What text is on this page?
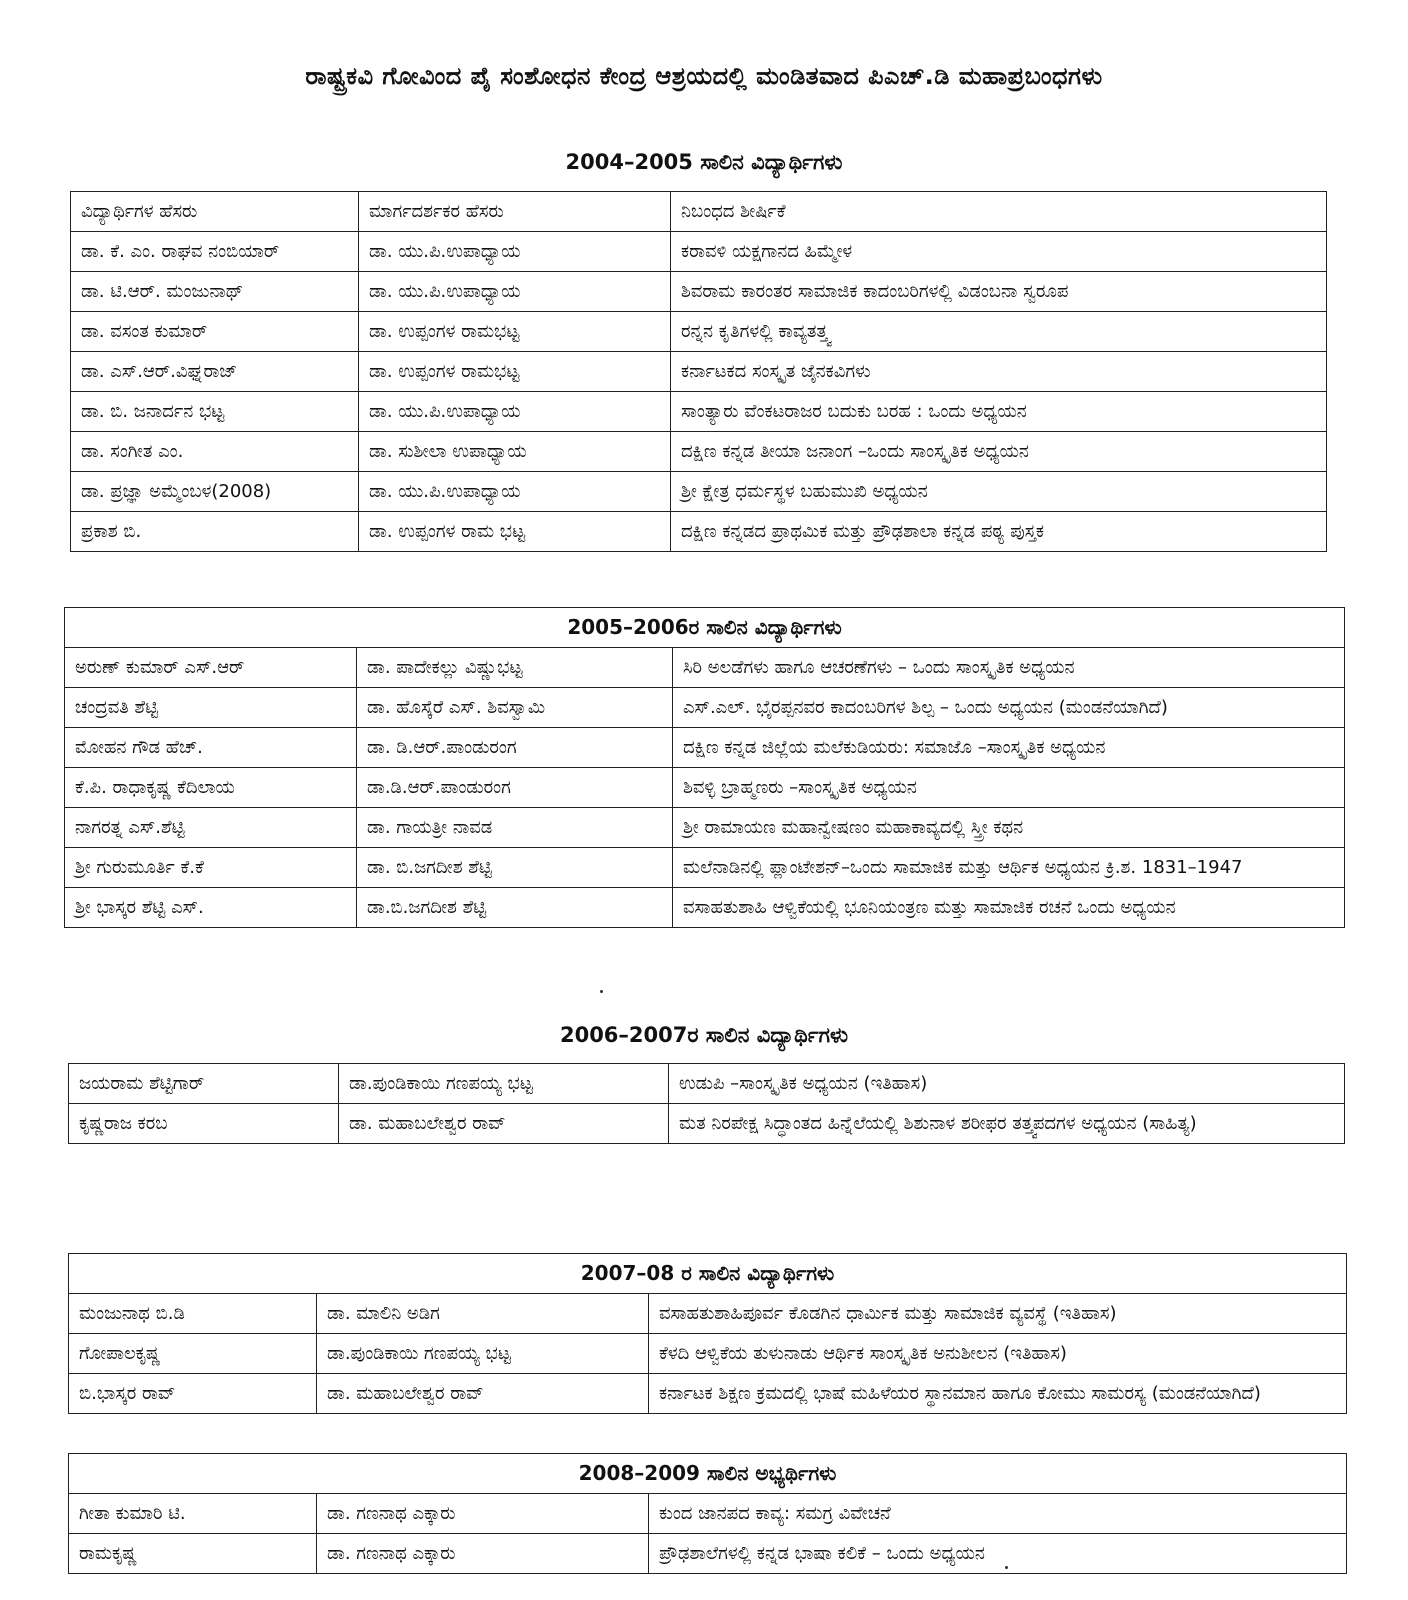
ರಾಷ್ಟ್ರಕವಿ ಗೋವಿಂದ ಪೈ ಸಂಶೋಧನ ಕೇಂದ್ರ ಆಶ್ರಯದಲ್ಲಿ ಮಂಡಿತವಾದ ಪಿಎಚ್.ಡಿ ಮಹಾಪ್ರಬಂಧಗಳು
2004–2005 ಸಾಲಿನ ವಿದ್ಯಾರ್ಥಿಗಳು
ವಿದ್ಯಾರ್ಥಿಗಳ ಹೆಸರು	ಮಾರ್ಗದರ್ಶಕರ ಹೆಸರು	ನಿಬಂಧದ ಶೀರ್ಷಿಕೆ
ಡಾ. ಕೆ. ಎಂ. ರಾಘವ ನಂಬಿಯಾರ್	ಡಾ. ಯು.ಪಿ.ಉಪಾಧ್ಯಾಯ	ಕರಾವಳಿ ಯಕ್ಷಗಾನದ ಹಿಮ್ಮೇಳ
ಡಾ. ಟಿ.ಆರ್. ಮಂಜುನಾಥ್	ಡಾ. ಯು.ಪಿ.ಉಪಾಧ್ಯಾಯ	ಶಿವರಾಮ ಕಾರಂತರ ಸಾಮಾಜಿಕ ಕಾದಂಬರಿಗಳಲ್ಲಿ ವಿಡಂಬನಾ ಸ್ವರೂಪ
ಡಾ. ವಸಂತ ಕುಮಾರ್	ಡಾ. ಉಪ್ಪಂಗಳ ರಾಮಭಟ್ಟ	ರನ್ನನ ಕೃತಿಗಳಲ್ಲಿ ಕಾವ್ಯತತ್ತ್ವ
ಡಾ. ಎಸ್.ಆರ್.ವಿಘ್ನರಾಜ್	ಡಾ. ಉಪ್ಪಂಗಳ ರಾಮಭಟ್ಟ	ಕರ್ನಾಟಕದ ಸಂಸ್ಕೃತ ಜೈನಕವಿಗಳು
ಡಾ. ಬಿ. ಜನಾರ್ದನ ಭಟ್ಟ	ಡಾ. ಯು.ಪಿ.ಉಪಾಧ್ಯಾಯ	ಸಾಂತ್ಯಾರು ವೆಂಕಟರಾಜರ ಬದುಕು ಬರಹ : ಒಂದು ಅಧ್ಯಯನ
ಡಾ. ಸಂಗೀತ ಎಂ.	ಡಾ. ಸುಶೀಲಾ ಉಪಾಧ್ಯಾಯ	ದಕ್ಷಿಣ ಕನ್ನಡ ತೀಯಾ ಜನಾಂಗ –ಒಂದು ಸಾಂಸ್ಕೃತಿಕ ಅಧ್ಯಯನ
ಡಾ. ಪ್ರಜ್ಞಾ ಅಮ್ಮೆಂಬಳ(2008)	ಡಾ. ಯು.ಪಿ.ಉಪಾಧ್ಯಾಯ	ಶ್ರೀ ಕ್ಷೇತ್ರ ಧರ್ಮಸ್ಥಳ ಬಹುಮುಖಿ ಅಧ್ಯಯನ
ಪ್ರಕಾಶ ಬಿ.	ಡಾ. ಉಪ್ಪಂಗಳ ರಾಮ ಭಟ್ಟ	ದಕ್ಷಿಣ ಕನ್ನಡದ ಪ್ರಾಥಮಿಕ ಮತ್ತು ಪ್ರೌಢಶಾಲಾ ಕನ್ನಡ ಪಠ್ಯ ಪುಸ್ತಕ
2005–2006ರ ಸಾಲಿನ ವಿದ್ಯಾರ್ಥಿಗಳು		
ಅರುಣ್ ಕುಮಾರ್ ಎಸ್.ಆರ್	ಡಾ. ಪಾದೇಕಲ್ಲು ವಿಷ್ಣುಭಟ್ಟ	ಸಿರಿ ಅಲಡೆಗಳು ಹಾಗೂ ಆಚರಣೆಗಳು – ಒಂದು ಸಾಂಸ್ಕೃತಿಕ ಅಧ್ಯಯನ
ಚಂದ್ರವತಿ ಶೆಟ್ಟಿ	ಡಾ. ಹೊಸ್ಕೆರೆ ಎಸ್. ಶಿವಸ್ವಾಮಿ	ಎಸ್.ಎಲ್. ಭೈರಪ್ಪನವರ ಕಾದಂಬರಿಗಳ ಶಿಲ್ಪ – ಒಂದು ಅಧ್ಯಯನ (ಮಂಡನೆಯಾಗಿದೆ)
ಮೋಹನ ಗೌಡ ಹೆಚ್.	ಡಾ. ಡಿ.ಆರ್.ಪಾಂಡುರಂಗ	ದಕ್ಷಿಣ ಕನ್ನಡ ಜಿಲ್ಲೆಯ ಮಲೆಕುಡಿಯರು: ಸಮಾಜೊ –ಸಾಂಸ್ಕೃತಿಕ ಅಧ್ಯಯನ
ಕೆ.ಪಿ. ರಾಧಾಕೃಷ್ಣ ಕೆದಿಲಾಯ	ಡಾ.ಡಿ.ಆರ್.ಪಾಂಡುರಂಗ	ಶಿವಳ್ಳಿ ಬ್ರಾಹ್ಮಣರು –ಸಾಂಸ್ಕೃತಿಕ ಅಧ್ಯಯನ
ನಾಗರತ್ನ ಎಸ್.ಶೆಟ್ಟಿ	ಡಾ. ಗಾಯತ್ರೀ ನಾವಡ	ಶ್ರೀ ರಾಮಾಯಣ ಮಹಾನ್ವೇಷಣಂ ಮಹಾಕಾವ್ಯದಲ್ಲಿ ಸ್ತ್ರೀ ಕಥನ
ಶ್ರೀ ಗುರುಮೂರ್ತಿ ಕೆ.ಕೆ	ಡಾ. ಬಿ.ಜಗದೀಶ ಶೆಟ್ಟಿ	ಮಲೆನಾಡಿನಲ್ಲಿ ಪ್ಲಾಂಟೇಶನ್–ಒಂದು ಸಾಮಾಜಿಕ ಮತ್ತು ಆರ್ಥಿಕ ಅಧ್ಯಯನ ಕ್ರಿ.ಶ. 1831–1947
ಶ್ರೀ ಭಾಸ್ಕರ ಶೆಟ್ಟಿ ಎಸ್.	ಡಾ.ಬಿ.ಜಗದೀಶ ಶೆಟ್ಟಿ	ವಸಾಹತುಶಾಹಿ ಆಳ್ವಿಕೆಯಲ್ಲಿ ಭೂನಿಯಂತ್ರಣ ಮತ್ತು ಸಾಮಾಜಿಕ ರಚನೆ ಒಂದು ಅಧ್ಯಯನ
2006–2007ರ ಸಾಲಿನ ವಿದ್ಯಾರ್ಥಿಗಳು
ಜಯರಾಮ ಶೆಟ್ಟಿಗಾರ್	ಡಾ.ಪುಂಡಿಕಾಯಿ ಗಣಪಯ್ಯ ಭಟ್ಟ	ಉಡುಪಿ –ಸಾಂಸ್ಕೃತಿಕ ಅಧ್ಯಯನ (ಇತಿಹಾಸ)
ಕೃಷ್ಣರಾಜ ಕರಬ	ಡಾ. ಮಹಾಬಲೇಶ್ವರ ರಾವ್	ಮತ ನಿರಪೇಕ್ಷ ಸಿದ್ಧಾಂತದ ಹಿನ್ನೆಲೆಯಲ್ಲಿ ಶಿಶುನಾಳ ಶರೀಫರ ತತ್ತ್ವಪದಗಳ ಅಧ್ಯಯನ (ಸಾಹಿತ್ಯ)
2007–08 ರ ಸಾಲಿನ ವಿದ್ಯಾರ್ಥಿಗಳು		
ಮಂಜುನಾಥ ಬಿ.ಡಿ	ಡಾ. ಮಾಲಿನಿ ಅಡಿಗ	ವಸಾಹತುಶಾಹಿಪೂರ್ವ ಕೊಡಗಿನ ಧಾರ್ಮಿಕ ಮತ್ತು ಸಾಮಾಜಿಕ ವ್ಯವಸ್ಥೆ (ಇತಿಹಾಸ)
ಗೋಪಾಲಕೃಷ್ಣ	ಡಾ.ಪುಂಡಿಕಾಯಿ ಗಣಪಯ್ಯ ಭಟ್ಟ	ಕೆಳದಿ ಆಳ್ವಿಕೆಯ ತುಳುನಾಡು ಆರ್ಥಿಕ ಸಾಂಸ್ಕೃತಿಕ ಅನುಶೀಲನ (ಇತಿಹಾಸ)
ಬಿ.ಭಾಸ್ಕರ ರಾವ್	ಡಾ. ಮಹಾಬಲೇಶ್ವರ ರಾವ್	ಕರ್ನಾಟಕ ಶಿಕ್ಷಣ ಕ್ರಮದಲ್ಲಿ ಭಾಷೆ ಮಹಿಳೆಯರ ಸ್ಥಾನಮಾನ ಹಾಗೂ ಕೋಮು ಸಾಮರಸ್ಯ (ಮಂಡನೆಯಾಗಿದೆ)
2008–2009 ಸಾಲಿನ ಅಭ್ಯರ್ಥಿಗಳು		
ಗೀತಾ ಕುಮಾರಿ ಟಿ.	ಡಾ. ಗಣನಾಥ ಎಕ್ಕಾರು	ಕುಂದ ಜಾನಪದ ಕಾವ್ಯ: ಸಮಗ್ರ ವಿವೇಚನೆ
ರಾಮಕೃಷ್ಣ	ಡಾ. ಗಣನಾಥ ಎಕ್ಕಾರು	ಪ್ರೌಢಶಾಲೆಗಳಲ್ಲಿ ಕನ್ನಡ ಭಾಷಾ ಕಲಿಕೆ – ಒಂದು ಅಧ್ಯಯನ
